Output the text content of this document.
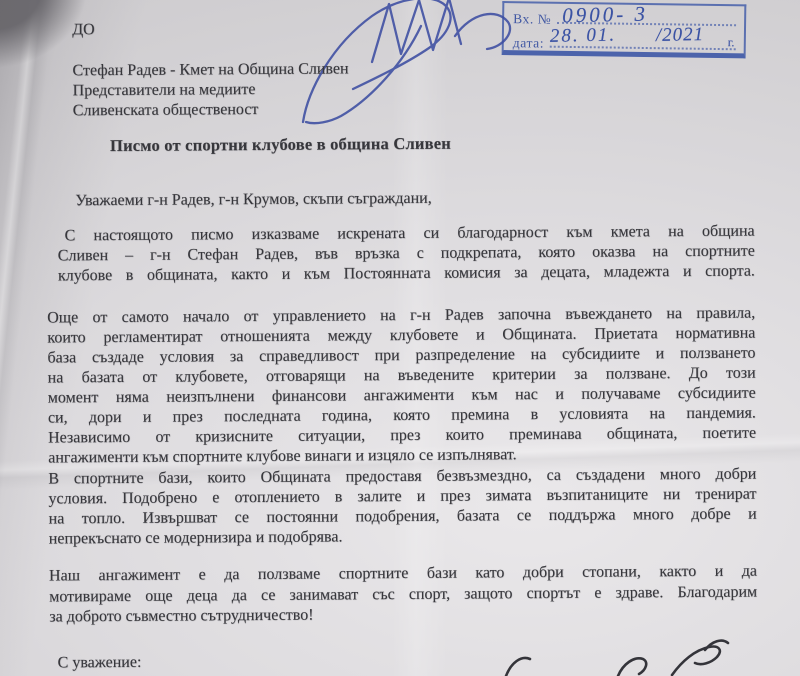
Вх. №
дата:
0900- 3
28. 01. /2021 г.
ДО
Стефан Радев - Кмет на Община Сливен
Представители на медиите
Сливенската общественост
Писмо от спортни клубове в община Сливен
Уважаеми г-н Радев, г-н Крумов, скъпи съграждани,
С настоящото писмо изказваме искрената си благодарност към кмета на община
Сливен – г-н Стефан Радев, във връзка с подкрепата, която оказва на спортните
клубове в общината, както и към Постоянната комисия за децата, младежта и спорта.
Още от самото начало от управлението на г-н Радев започна въвеждането на правила,
които регламентират отношенията между клубовете и Общината. Приетата нормативна
база създаде условия за справедливост при разпределение на субсидиите и ползването
на базата от клубовете, отговарящи на въведените критерии за ползване. До този
момент няма неизпълнени финансови ангажименти към нас и получаваме субсидиите
си, дори и през последната година, която премина в условията на пандемия.
Независимо от кризисните ситуации, през които преминава общината, поетите
ангажименти към спортните клубове винаги и изцяло се изпълняват.
В спортните бази, които Общината предоставя безвъзмездно, са създадени много добри
условия. Подобрено е отоплението в залите и през зимата възпитаниците ни тренират
на топло. Извършват се постоянни подобрения, базата се поддържа много добре и
непрекъснато се модернизира и подобрява.
Наш ангажимент е да ползваме спортните бази като добри стопани, както и да
мотивираме още деца да се занимават със спорт, защото спортът е здраве. Благодарим
за доброто съвместно сътрудничество!
С уважение:
